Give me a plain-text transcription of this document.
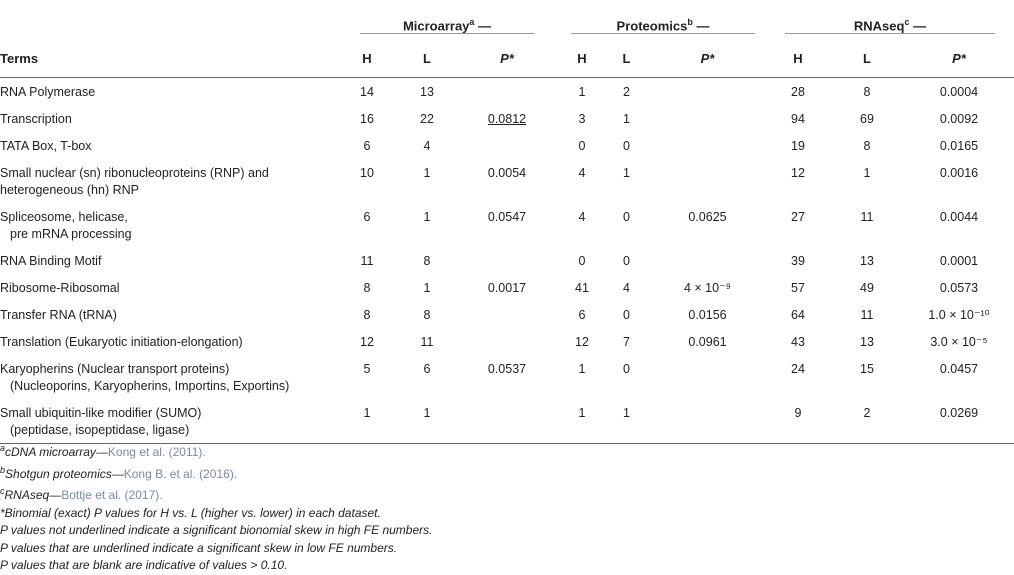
	Microarray$^a$ —			Proteomics$^b$ —			RNAseq$^c$ —		
Terms	H	L	P*	H	L	P*	H	L	P*
RNA Polymerase	14	13		1	2		28	8	0.0004
Transcription	16	22	0.0812	3	1		94	69	0.0092
TATA Box, T-box	6	4		0	0		19	8	0.0165
Small nuclear (sn) ribonucleoproteins (RNP) and
heterogeneous (hn) RNP	10	1	0.0054	4	1		12	1	0.0016
Spliceosome, helicase,
pre mRNA processing	6	1	0.0547	4	0	0.0625	27	11	0.0044
RNA Binding Motif	11	8		0	0		39	13	0.0001
Ribosome-Ribosomal	8	1	0.0017	41	4	4 × 10⁻⁹	57	49	0.0573
Transfer RNA (tRNA)	8	8		6	0	0.0156	64	11	1.0 × 10⁻¹⁰
Translation (Eukaryotic initiation-elongation)	12	11		12	7	0.0961	43	13	3.0 × 10⁻⁵
Karyopherins (Nuclear transport proteins)
(Nucleoporins, Karyopherins, Importins, Exportins)	5	6	0.0537	1	0		24	15	0.0457
Small ubiquitin-like modifier (SUMO)
(peptidase, isopeptidase, ligase)	1	1		1	1		9	2	0.0269
$^a$cDNA microarray—Kong et al. (2011).
$^b$Shotgun proteomics—Kong B. et al. (2016).
$^c$RNAseq—Bottje et al. (2017).
*Binomial (exact) P values for H vs. L (higher vs. lower) in each dataset.
P values not underlined indicate a significant bionomial skew in high FE numbers.
P values that are underlined indicate a significant skew in low FE numbers.
P values that are blank are indicative of values > 0.10.
